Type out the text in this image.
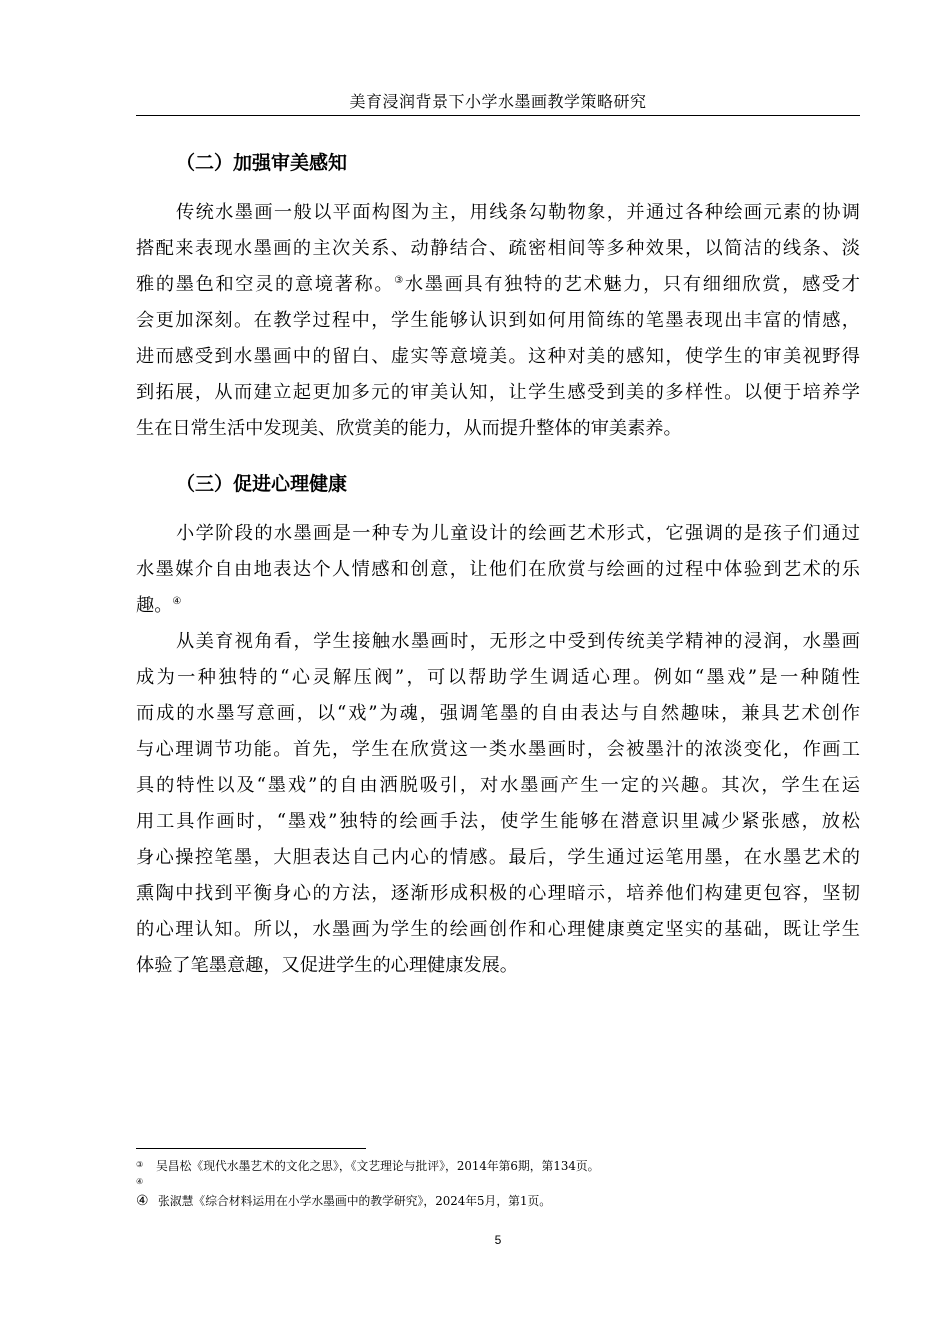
美育浸润背景下小学水墨画教学策略研究
（二）加强审美感知
传统水墨画一般以平面构图为主，用线条勾勒物象，并通过各种绘画元素的协调
搭配来表现水墨画的主次关系、动静结合、疏密相间等多种效果，以简洁的线条、淡
雅的墨色和空灵的意境著称。③水墨画具有独特的艺术魅力，只有细细欣赏，感受才
会更加深刻。在教学过程中，学生能够认识到如何用简练的笔墨表现出丰富的情感，
进而感受到水墨画中的留白、虚实等意境美。这种对美的感知，使学生的审美视野得
到拓展，从而建立起更加多元的审美认知，让学生感受到美的多样性。以便于培养学
生在日常生活中发现美、欣赏美的能力，从而提升整体的审美素养。
（三）促进心理健康
小学阶段的水墨画是一种专为儿童设计的绘画艺术形式，它强调的是孩子们通过
水墨媒介自由地表达个人情感和创意，让他们在欣赏与绘画的过程中体验到艺术的乐
趣。④
从美育视角看，学生接触水墨画时，无形之中受到传统美学精神的浸润，水墨画
成为一种独特的“心灵解压阀”，可以帮助学生调适心理。例如“墨戏”是一种随性
而成的水墨写意画，以“戏”为魂，强调笔墨的自由表达与自然趣味，兼具艺术创作
与心理调节功能。首先，学生在欣赏这一类水墨画时，会被墨汁的浓淡变化，作画工
具的特性以及“墨戏”的自由洒脱吸引，对水墨画产生一定的兴趣。其次，学生在运
用工具作画时，“墨戏”独特的绘画手法，使学生能够在潜意识里减少紧张感，放松
身心操控笔墨，大胆表达自己内心的情感。最后，学生通过运笔用墨，在水墨艺术的
熏陶中找到平衡身心的方法，逐渐形成积极的心理暗示，培养他们构建更包容，坚韧
的心理认知。所以，水墨画为学生的绘画创作和心理健康奠定坚实的基础，既让学生
体验了笔墨意趣，又促进学生的心理健康发展。
③ 吴昌松《现代水墨艺术的文化之思》，《文艺理论与批评》，2014年第6期，第134页。
④
④ 张淑慧《综合材料运用在小学水墨画中的教学研究》，2024年5月，第1页。
5
